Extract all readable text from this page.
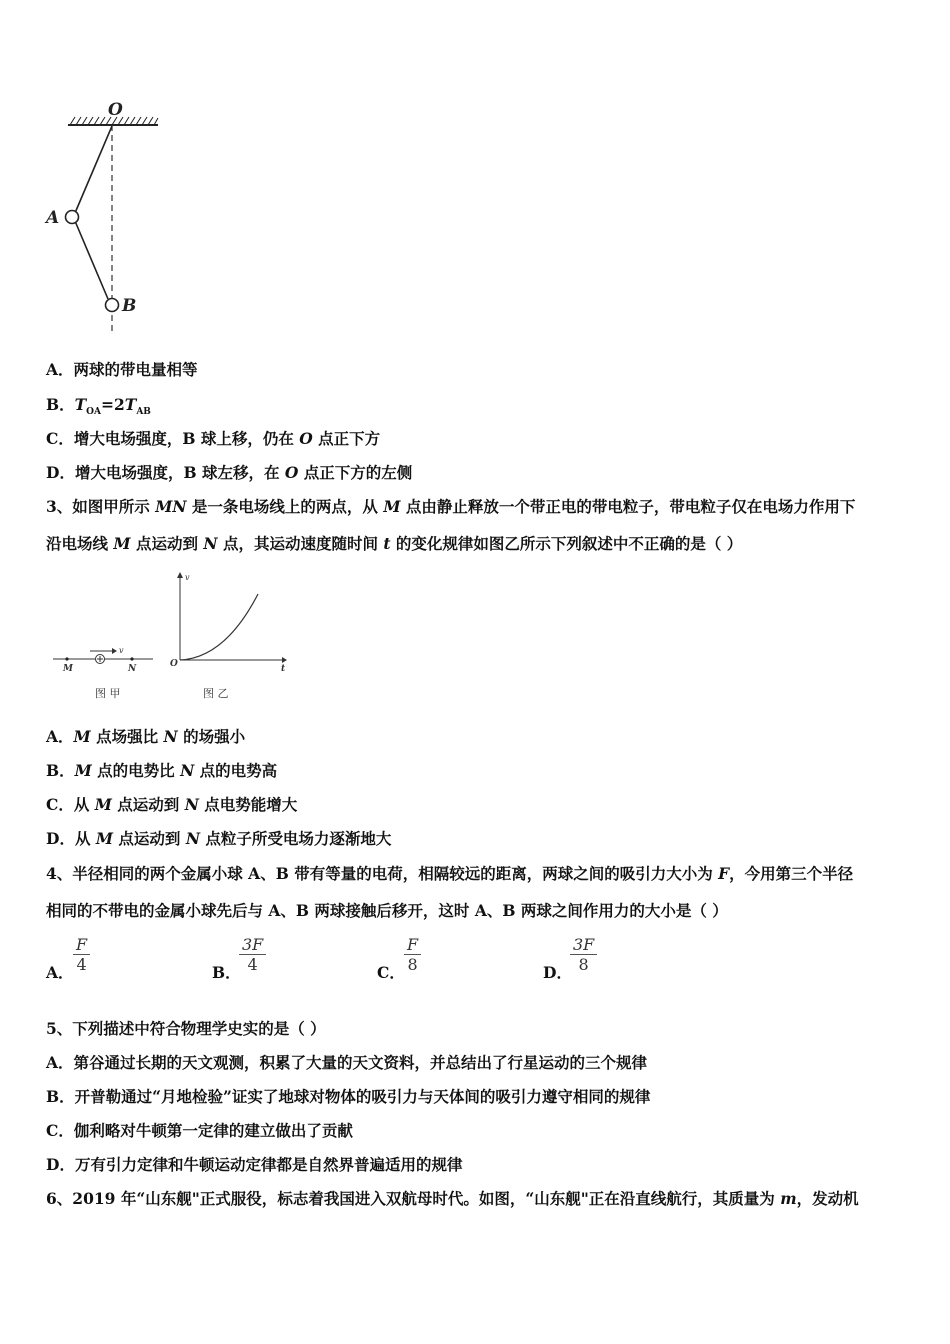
O
A
B
A．两球的带电量相等
B．$T_{OA}=2T_{AB}$
C．增大电场强度，B 球上移，仍在 O 点正下方
D．增大电场强度，B 球左移，在 O 点正下方的左侧
3、如图甲所示 MN 是一条电场线上的两点，从 M 点由静止释放一个带正电的带电粒子，带电粒子仅在电场力作用下
沿电场线 M 点运动到 N 点，其运动速度随时间 t 的变化规律如图乙所示下列叙述中不正确的是（ ）
v
M	N
图 甲
v
O	t
图 乙
A．M 点场强比 N 的场强小
B．M 点的电势比 N 点的电势高
C．从 M 点运动到 N 点电势能增大
D．从 M 点运动到 N 点粒子所受电场力逐渐地大
4、半径相同的两个金属小球 A、B 带有等量的电荷，相隔较远的距离，两球之间的吸引力大小为 F，今用第三个半径
相同的不带电的金属小球先后与 A、B 两球接触后移开，这时 A、B 两球之间作用力的大小是（ ）
A． $\frac{F}{4}$	B．
$\frac{3F}{4}$	C． $\frac{F}{8}$	D．
$\frac{3F}{8}$
5、下列描述中符合物理学史实的是（ ）
A．第谷通过长期的天文观测，积累了大量的天文资料，并总结出了行星运动的三个规律
B．开普勒通过“月地检验”证实了地球对物体的吸引力与天体间的吸引力遵守相同的规律
C．伽利略对牛顿第一定律的建立做出了贡献
D．万有引力定律和牛顿运动定律都是自然界普遍适用的规律
6、2019 年“山东舰"正式服役，标志着我国进入双航母时代。如图，“山东舰"正在沿直线航行，其质量为 m，发动机
